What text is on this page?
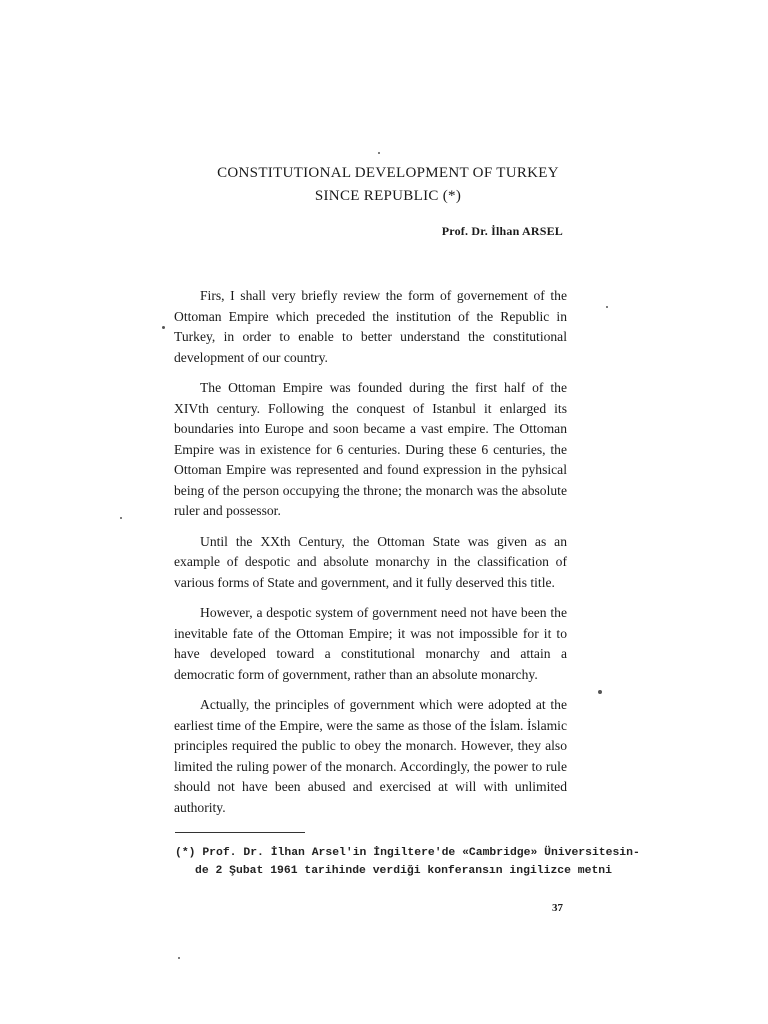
CONSTITUTIONAL DEVELOPMENT OF TURKEY
SINCE REPUBLIC (*)
Prof. Dr. İlhan ARSEL

Firs, I shall very briefly review the form of governement of the Ottoman Empire which preceded the institution of the Republic in Turkey, in order to enable to better understand the constitutional development of our country.

The Ottoman Empire was founded during the first half of the XIVth century. Following the conquest of Istanbul it enlarged its boundaries into Europe and soon became a vast empire. The Ottoman Empire was in existence for 6 centuries. During these 6 centuries, the Ottoman Empire was represented and found expression in the pyhsical being of the person occupying the throne; the monarch was the absolute ruler and possessor.

Until the XXth Century, the Ottoman State was given as an example of despotic and absolute monarchy in the classification of various forms of State and government, and it fully deserved this title.

However, a despotic system of government need not have been the inevitable fate of the Ottoman Empire; it was not impossible for it to have developed toward a constitutional monarchy and attain a democratic form of government, rather than an absolute monarchy.

Actually, the principles of government which were adopted at the earliest time of the Empire, were the same as those of the İslam. İslamic principles required the public to obey the monarch. However, they also limited the ruling power of the monarch. Accordingly, the power to rule should not have been abused and exercised at will with unlimited authority.

(*) Prof. Dr. İlhan Arsel'in İngiltere'de «Cambridge» Üniversitesin-
de 2 Şubat 1961 tarihinde verdiği konferansın ingilizce metni
37
